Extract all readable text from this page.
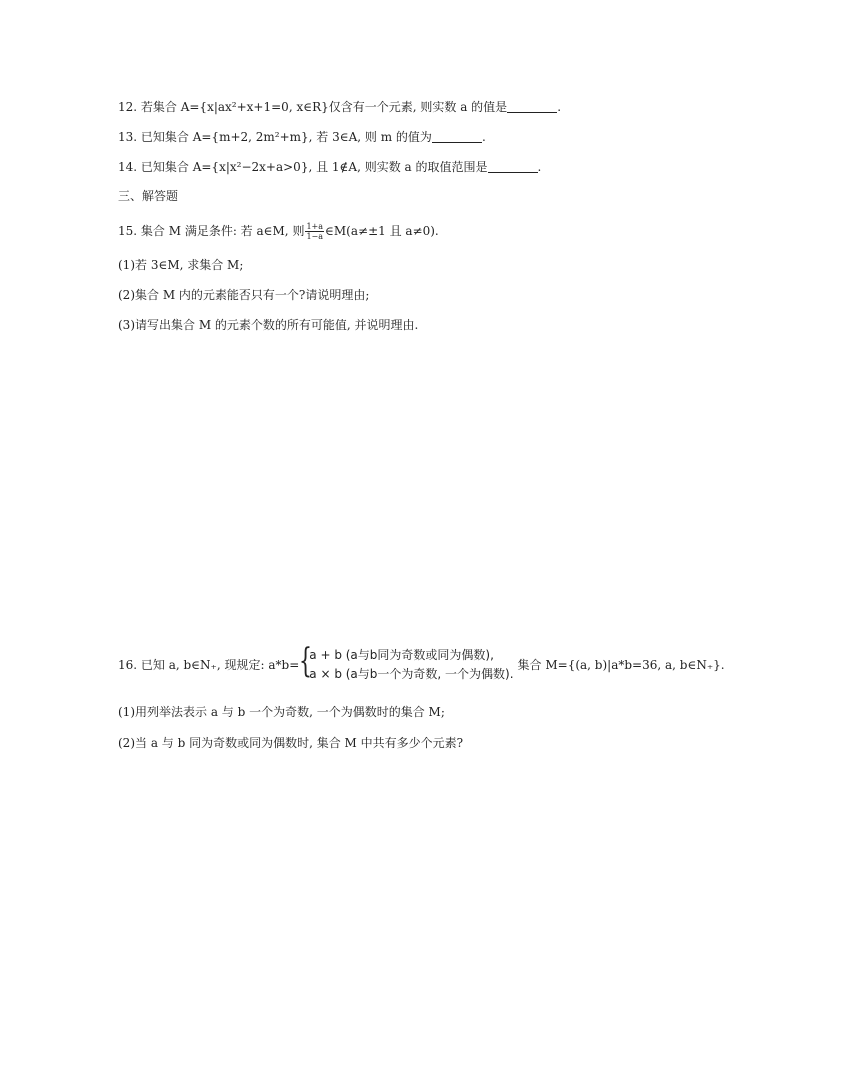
12. 若集合 A={x|ax²+x+1=0, x∈R}仅含有一个元素, 则实数 a 的值是	.
13. 已知集合 A={m+2, 2m²+m}, 若 3∈A, 则 m 的值为	.
14. 已知集合 A={x|x²−2x+a>0}, 且 1∉A, 则实数 a 的取值范围是	.
三、解答题
15. 集合 M 满足条件: 若 a∈M, 则 $\frac{1+a}{1-a}$ ∈M(a≠±1 且 a≠0).
(1)若 3∈M, 求集合 M;
(2)集合 M 内的元素能否只有一个?请说明理由;
(3)请写出集合 M 的元素个数的所有可能值, 并说明理由.
16. 已知 a, b∈N₊, 现规定: a*b= {
a + b (a与b同为奇数或同为偶数),
a × b (a与b一个为奇数, 一个为偶数).
集合 M={(a, b)|a*b=36, a, b∈N₊}.
(1)用列举法表示 a 与 b 一个为奇数, 一个为偶数时的集合 M;
(2)当 a 与 b 同为奇数或同为偶数时, 集合 M 中共有多少个元素?
